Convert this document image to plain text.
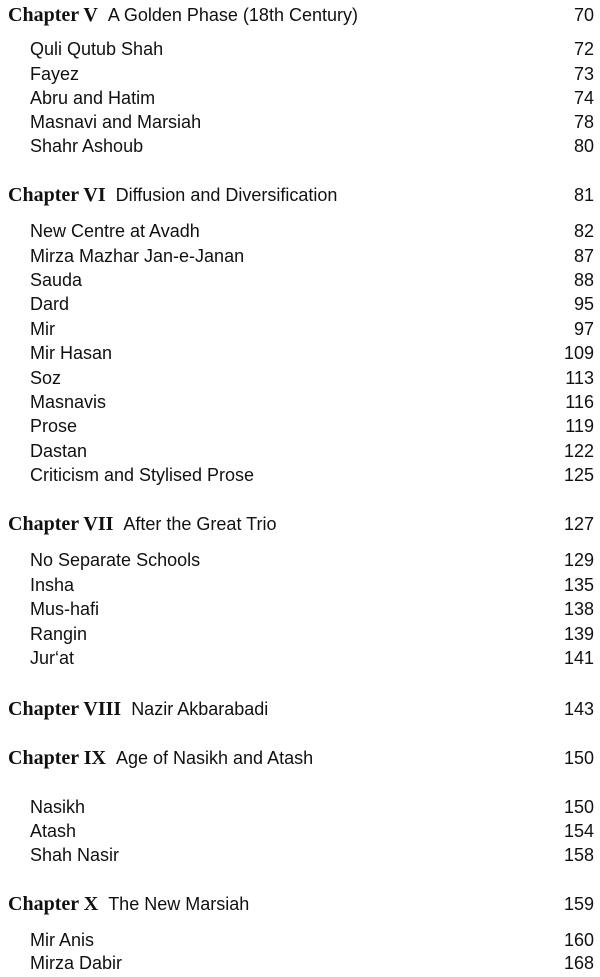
Chapter V A Golden Phase (18th Century)	70
Quli Qutub Shah	72
Fayez	73
Abru and Hatim	74
Masnavi and Marsiah	78
Shahr Ashoub	80
Chapter VI Diffusion and Diversification	81
New Centre at Avadh	82
Mirza Mazhar Jan-e-Janan	87
Sauda	88
Dard	95
Mir	97
Mir Hasan	109
Soz	113
Masnavis	116
Prose	119
Dastan	122
Criticism and Stylised Prose	125
Chapter VII After the Great Trio	127
No Separate Schools	129
Insha	135
Mus-hafi	138
Rangin	139
Jur‘at	141
Chapter VIII Nazir Akbarabadi	143
Chapter IX Age of Nasikh and Atash	150
Nasikh	150
Atash	154
Shah Nasir	158
Chapter X The New Marsiah	159
Mir Anis	160
Mirza Dabir	168
